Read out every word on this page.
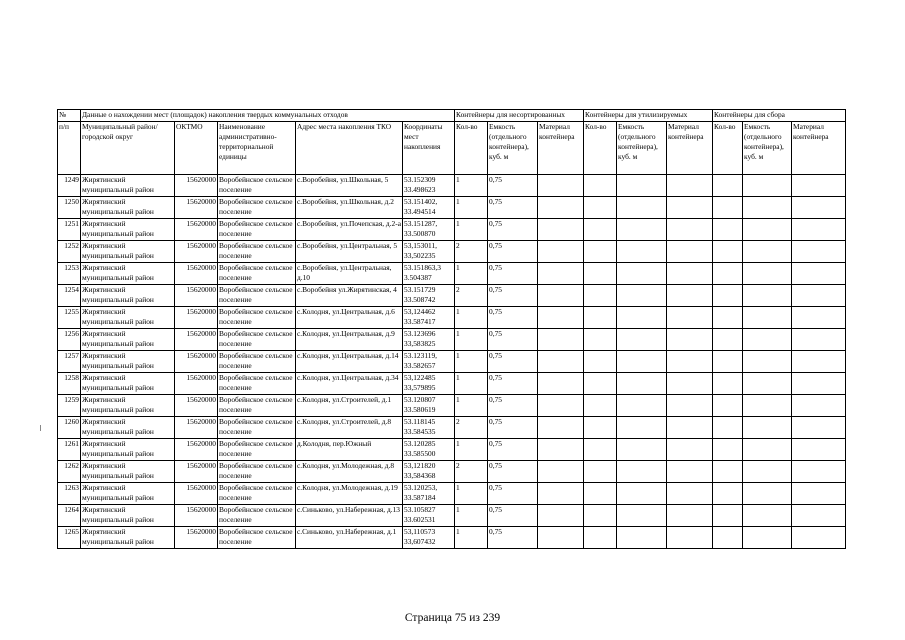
№	Данные о нахождении мест (площадок) накопления твердых коммунальных отходов					Контейнеры для несортированных			Контейнеры для утилизируемых			Контейнеры для сбора		
п/п	Муниципальный район/городской округ	ОКТМО	Наименование административно-территориальной единицы	Адрес места накопления ТКО	Координаты мест накопления	Кол-во	Емкость (отдельного контейнера), куб. м	Материал контейнера	Кол-во	Емкость (отдельного контейнера), куб. м	Материал контейнера	Кол-во	Емкость (отдельного контейнера), куб. м	Материал контейнера
1249	Жирятинский муниципальный район	15620000	Воробейнское сельское поселение	с.Воробейня, ул.Школьная, 5	53.152309 33.498623	1	0,75							
1250	Жирятинский муниципальный район	15620000	Воробейнское сельское поселение	с.Воробейня, ул.Школьная, д.2	53.151402, 33.494514	1	0,75							
1251	Жирятинский муниципальный район	15620000	Воробейнское сельское поселение	с.Воробейня, ул.Почепская, д.2-а	53.151287, 33.500870	1	0,75							
1252	Жирятинский муниципальный район	15620000	Воробейнское сельское поселение	с.Воробейня, ул.Центральная, 5	53,153011, 33,502235	2	0,75							
1253	Жирятинский муниципальный район	15620000	Воробейнское сельское поселение	с.Воробейня, ул.Центральная, д.10	53.151863,3 3.504387	1	0,75							
1254	Жирятинский муниципальный район	15620000	Воробейнское сельское поселение	с.Воробейня ул.Жирятинская, 4	53.151729 33.508742	2	0,75							
1255	Жирятинский муниципальный район	15620000	Воробейнское сельское поселение	с.Колодня, ул.Центральная, д.6	53,124462 33.587417	1	0,75							
1256	Жирятинский муниципальный район	15620000	Воробейнское сельское поселение	с.Колодня, ул.Центральная, д.9	53.123696 33,583825	1	0,75							
1257	Жирятинский муниципальный район	15620000	Воробейнское сельское поселение	с.Колодня, ул.Центральная, д.14	53.123119, 33.582657	1	0,75							
1258	Жирятинский муниципальный район	15620000	Воробейнское сельское поселение	с.Колодня, ул.Центральная, д.34	53,122485 33,579895	1	0,75							
1259	Жирятинский муниципальный район	15620000	Воробейнское сельское поселение	с.Колодня, ул.Строителей, д.1	53.120807 33.580619	1	0,75							
1260	Жирятинский муниципальный район	15620000	Воробейнское сельское поселение	с.Колодня, ул.Строителей, д.8	53.118145 33.584535	2	0,75							
1261	Жирятинский муниципальный район	15620000	Воробейнское сельское поселение	д.Колодня, пер.Южный	53.120285 33.585500	1	0,75							
1262	Жирятинский муниципальный район	15620000	Воробейнское сельское поселение	с.Колодня, ул.Молодежная, д.8	53,121820 33,584368	2	0,75							
1263	Жирятинский муниципальный район	15620000	Воробейнское сельское поселение	с.Колодня, ул.Молодежная, д.19	53.120253, 33.587184	1	0,75							
1264	Жирятинский муниципальный район	15620000	Воробейнское сельское поселение	с.Синьково, ул.Набережная, д.13	53.105827 33.602531	1	0,75							
1265	Жирятинский муниципальный район	15620000	Воробейнское сельское поселение	с.Синьково, ул.Набережная, д.1	53,110573 33,607432	1	0,75							
Страница 75 из 239
